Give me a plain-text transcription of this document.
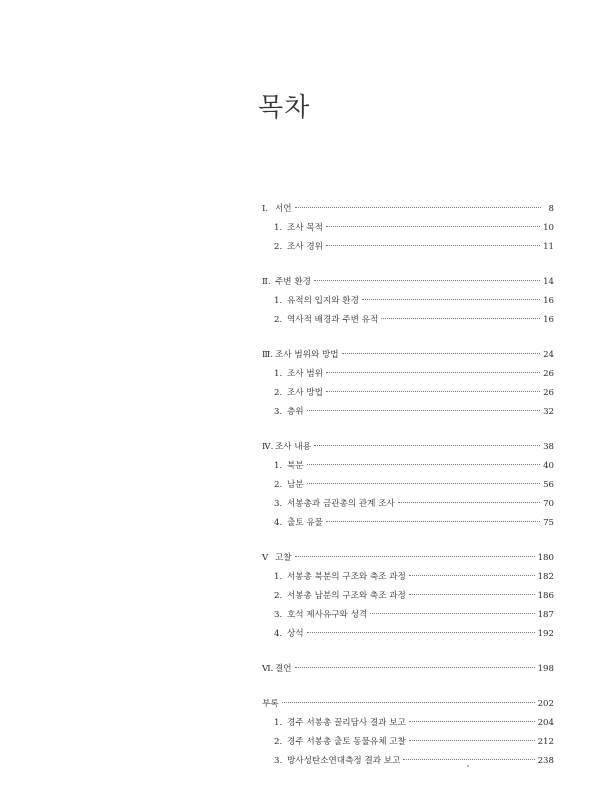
목차
Ⅰ. 서언	8
1. 조사 목적	10
2. 조사 경위	11
Ⅱ. 주변 환경	14
1. 유적의 입지와 환경	16
2. 역사적 배경과 주변 유적	16
Ⅲ. 조사 범위와 방법	24
1. 조사 범위	26
2. 조사 방법	26
3. 층위	32
Ⅳ. 조사 내용	38
1. 북분	40
2. 남분	56
3. 서봉총과 금관총의 관계 조사	70
4. 출토 유물	75
Ⅴ 고찰	180
1. 서봉총 북분의 구조와 축조 과정	182
2. 서봉총 남분의 구조와 축조 과정	186
3. 호석 제사유구와 성격	187
4. 상석	192
Ⅵ. 결언	198
부록	202
1. 경주 서봉총 꿀리담사 결과 보고	204
2. 경주 서봉총 출토 동물유체 고찰	212
3. 방사성탄소연대측정 결과 보고	238
